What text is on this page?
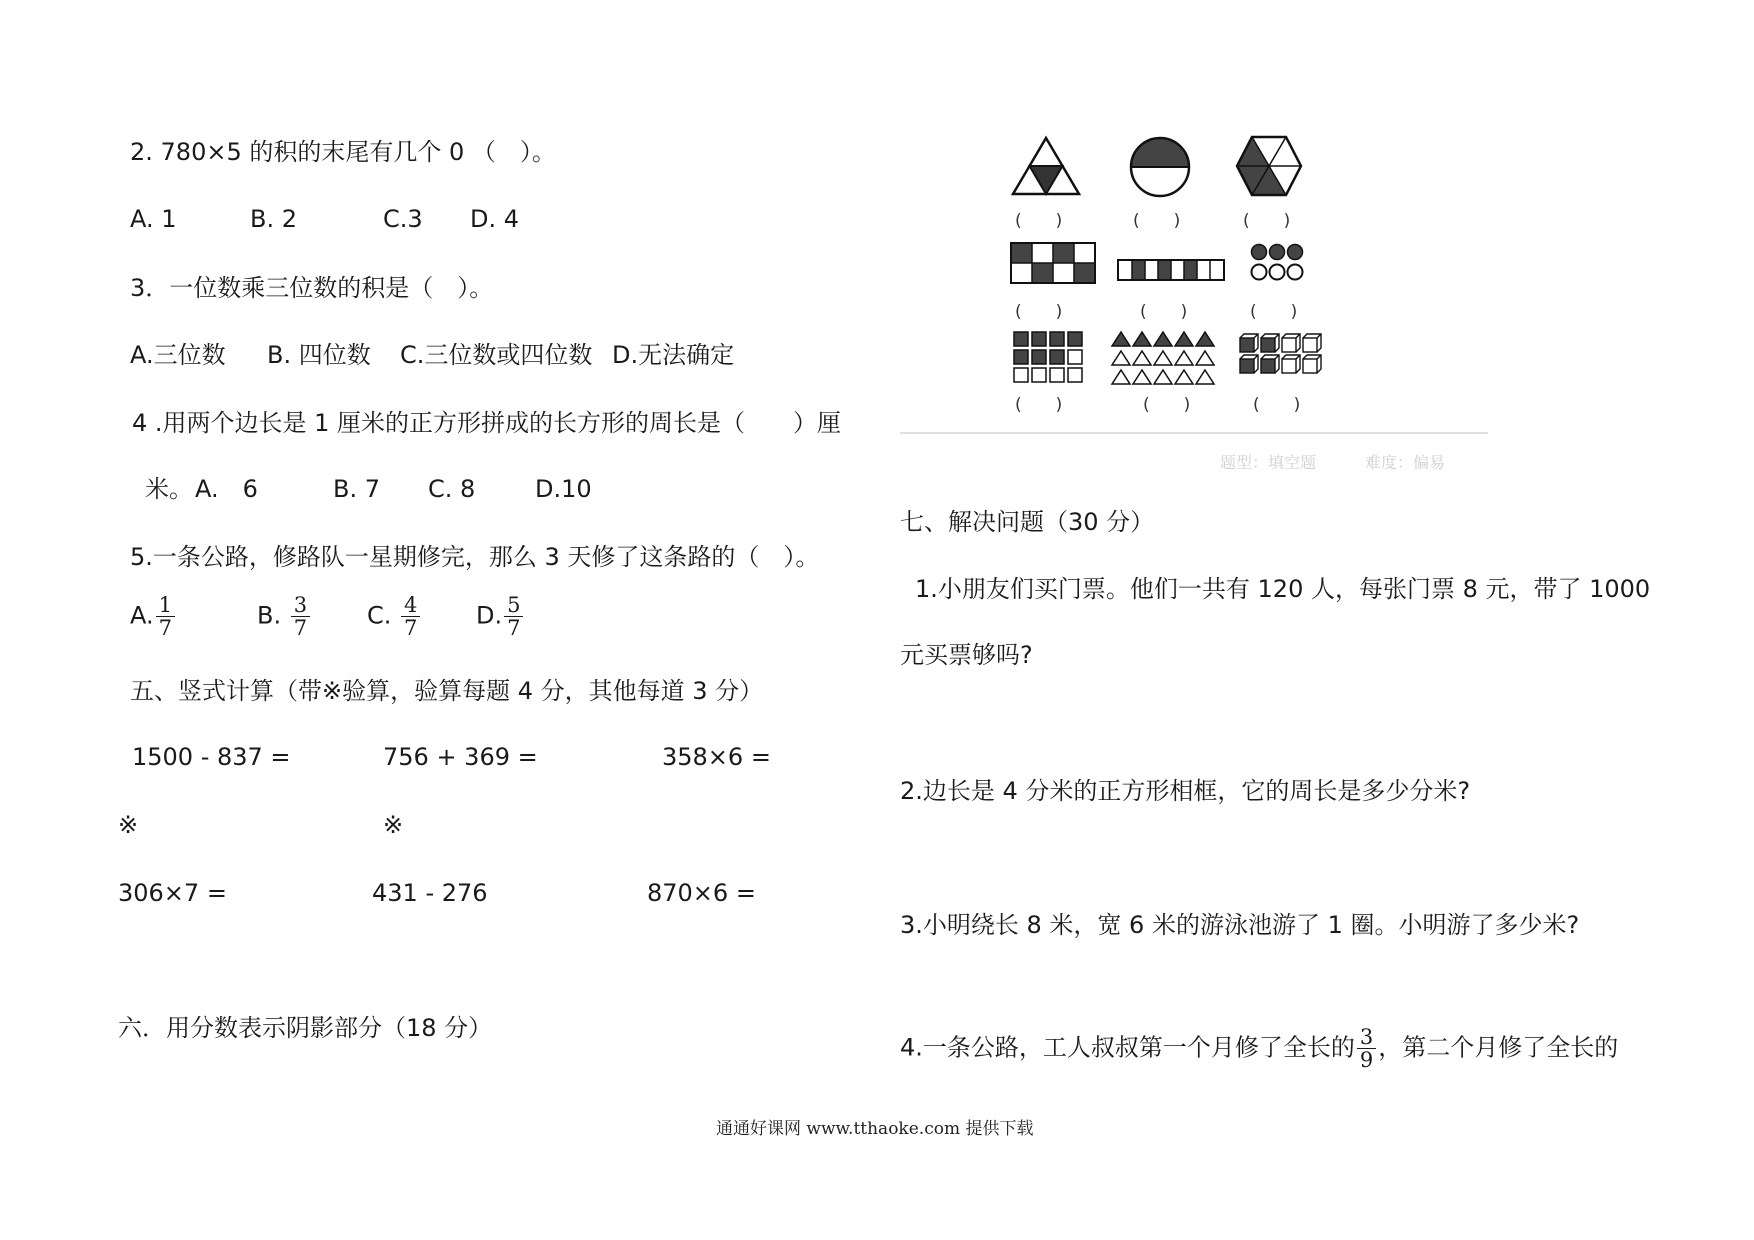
2. 780×5 的积的末尾有几个 0 （　）。
A. 1	B. 2	C.3 D. 4
3．一位数乘三位数的积是（　）。
A.三位数 B. 四位数 C.三位数或四位数 D.无法确定
4 .用两个边长是 1 厘米的正方形拼成的长方形的周长是（　　）厘
米。 A.　6	B. 7 C. 8 D.10
5.一条公路，修路队一星期修完，那么 3 天修了这条路的（　）。
A. $\frac{1}{7}$	B. $\frac{3}{7} C$. $\frac{4}{7} D$. $\frac{5}{7}$
五、竖式计算（带※验算，验算每题 4 分，其他每道 3 分）
1500 - 837 =	756 + 369 =	358×6 =
※	※
306×7 =	431 - 276	870×6 =
六．用分数表示阴影部分（18 分）
(　　)	(　　)	(　　)
(　　)	(　　)	(　　)
(　　)	(　　)	(　　)
题型：填空题	难度：偏易
七、解决问题（30 分）
1.小朋友们买门票。他们一共有 120 人，每张门票 8 元，带了 1000
元买票够吗?
2.边长是 4 分米的正方形相框，它的周长是多少分米?
3.小明绕长 8 米，宽 6 米的游泳池游了 1 圈。小明游了多少米?
4.一条公路，工人叔叔第一个月修了全长的 $\frac{3}{9}$ ，第二个月修了全长的
通通好课网 www.tthaoke.com 提供下载
